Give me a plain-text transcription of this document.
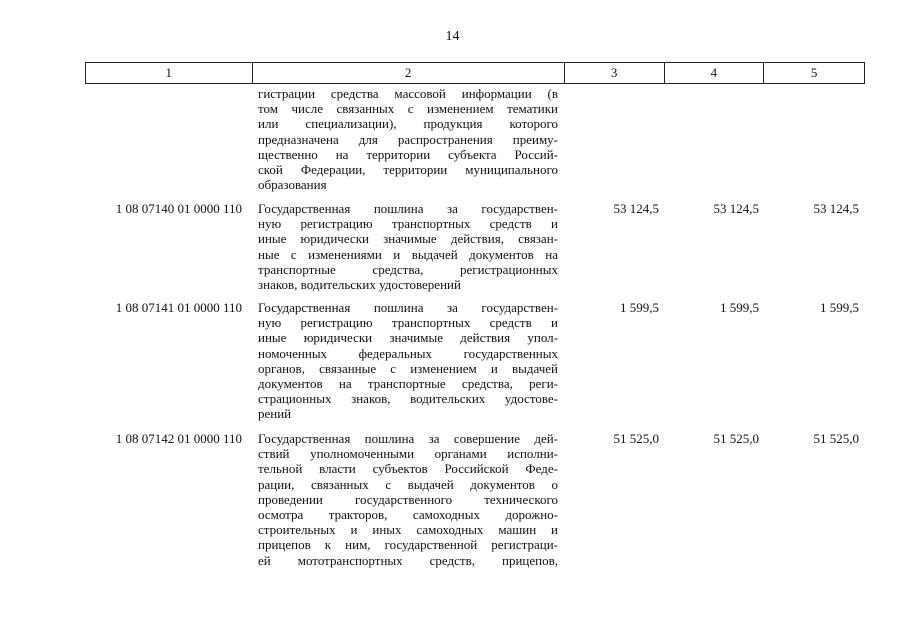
14
1	2	3	4	5
гистрации средства массовой информации (в
том числе связанных с изменением тематики
или специализации), продукция которого
предназначена для распространения преиму-
щественно на территории субъекта Россий-
ской Федерации, территории муниципального
образования
1 08 07140 01 0000 110	Государственная пошлина за государствен-
ную регистрацию транспортных средств и
иные юридически значимые действия, связан-
ные с изменениями и выдачей документов на
транспортные средства, регистрационных
знаков, водительских удостоверений
53 124,5	53 124,5	53 124,5
1 08 07141 01 0000 110	Государственная пошлина за государствен-
ную регистрацию транспортных средств и
иные юридически значимые действия упол-
номоченных федеральных государственных
органов, связанные с изменением и выдачей
документов на транспортные средства, реги-
страционных знаков, водительских удостове-
рений
1 599,5	1 599,5	1 599,5
1 08 07142 01 0000 110	Государственная пошлина за совершение дей-
ствий уполномоченными органами исполни-
тельной власти субъектов Российской Феде-
рации, связанных с выдачей документов о
проведении государственного технического
осмотра тракторов, самоходных дорожно-
строительных и иных самоходных машин и
прицепов к ним, государственной регистраци-
ей мототранспортных средств, прицепов,
51 525,0	51 525,0	51 525,0
